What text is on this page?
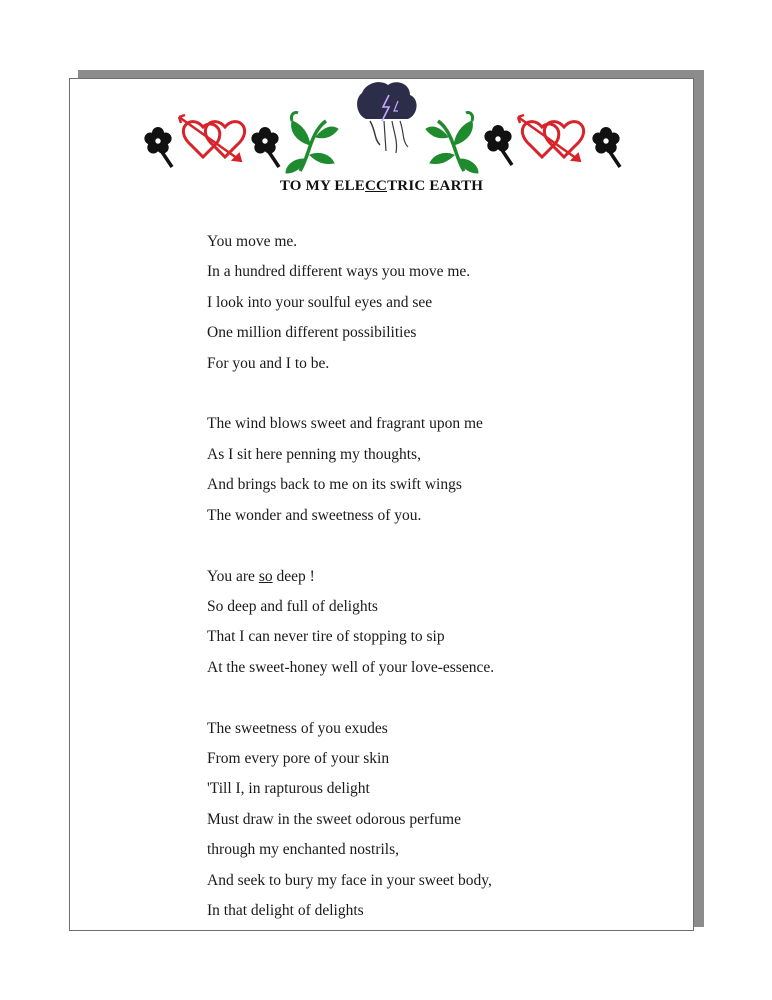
TO MY ELECCTRIC EARTH
You move me.
In a hundred different ways you move me.
I look into your soulful eyes and see
One million different possibilities
For you and I to be.
The wind blows sweet and fragrant upon me
As I sit here penning my thoughts,
And brings back to me on its swift wings
The wonder and sweetness of you.
You are so deep !
So deep and full of delights
That I can never tire of stopping to sip
At the sweet-honey well of your love-essence.
The sweetness of you exudes
From every pore of your skin
'Till I, in rapturous delight
Must draw in the sweet odorous perfume
through my enchanted nostrils,
And seek to bury my face in your sweet body,
In that delight of delights
